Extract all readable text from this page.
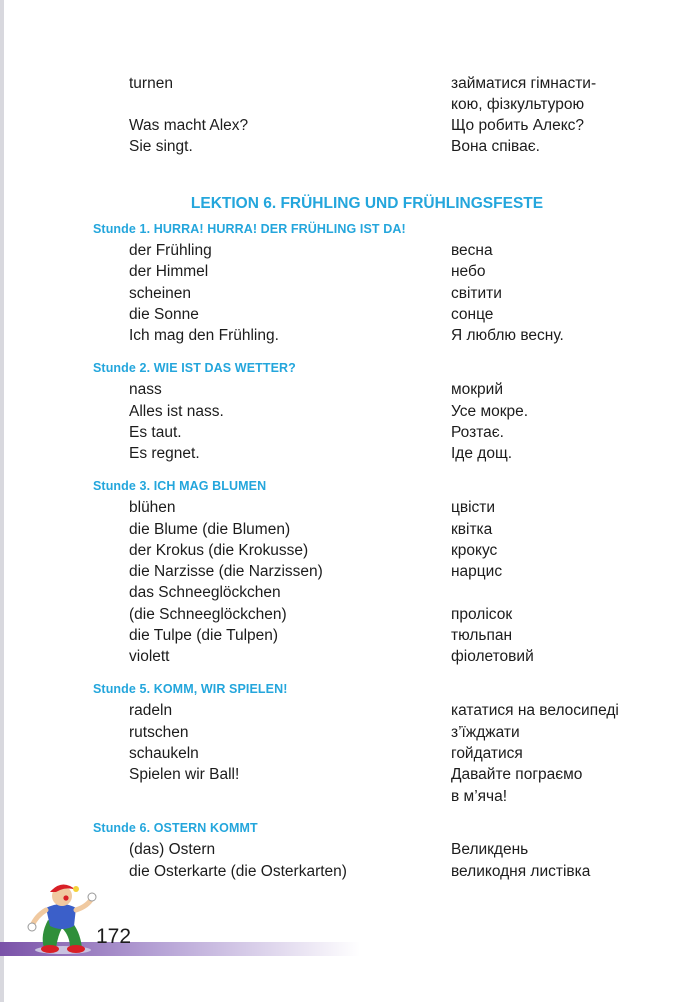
turnen	займатися гімнасти-
кою, фізкультурою
Was macht Alex?	Що робить Алекс?
Sie singt.	Вона співає.
LEKTION 6. FRÜHLING UND FRÜHLINGSFESTE
Stunde 1. HURRA! HURRA! DER FRÜHLING IST DA!
der Frühling	весна
der Himmel	небо
scheinen	світити
die Sonne	сонце
Ich mag den Frühling.	Я люблю весну.
Stunde 2. WIE IST DAS WETTER?
nass	мокрий
Alles ist nass.	Усе мокре.
Es taut.	Розтає.
Es regnet.	Іде дощ.
Stunde 3. ICH MAG BLUMEN
blühen	цвісти
die Blume (die Blumen)	квітка
der Krokus (die Krokusse)	крокус
die Narzisse (die Narzissen)	нарцис
das Schneeglöckchen
(die Schneeglöckchen)	пролісок
die Tulpe (die Tulpen)	тюльпан
violett	фіолетовий
Stunde 5. KOMM, WIR SPIELEN!
radeln	кататися на велосипеді
rutschen	з’їжджати
schaukeln	гойдатися
Spielen wir Ball!	Давайте пограємо
в м’яча!
Stunde 6. OSTERN KOMMT
(das) Ostern	Великдень
die Osterkarte (die Osterkarten)	великодня листівка
172
